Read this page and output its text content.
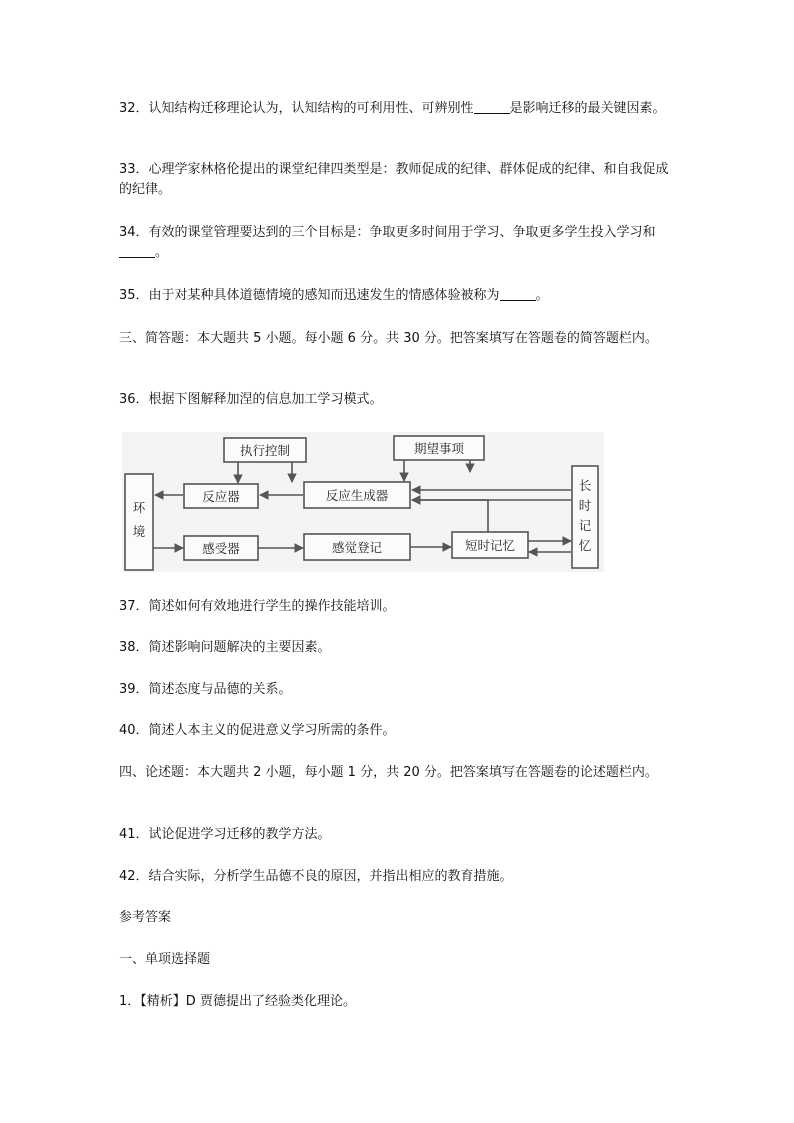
32．认知结构迁移理论认为，认知结构的可利用性、可辨别性	是影响迁移的最关键因素。

33．心理学家林格伦提出的课堂纪律四类型是：教师促成的纪律、群体促成的纪律、和自我促成的纪律。

34．有效的课堂管理要达到的三个目标是：争取更多时间用于学习、争取更多学生投入学习和。

35．由于对某种具体道德情境的感知而迅速发生的情感体验被称为	。

三、简答题：本大题共 5 小题。每小题 6 分。共 30 分。把答案填写在答题卷的简答题栏内。

36．根据下图解释加涅的信息加工学习模式。

环
境
执行控制	期望事项
反应器	反应生成器
感受器	感觉登记	短时记忆
长
时
记
忆

37．简述如何有效地进行学生的操作技能培训。

38．简述影响问题解决的主要因素。

39．简述态度与品德的关系。

40．简述人本主义的促进意义学习所需的条件。

四、论述题：本大题共 2 小题，每小题 1 分，共 20 分。把答案填写在答题卷的论述题栏内。

41．试论促进学习迁移的教学方法。

42．结合实际，分析学生品德不良的原因，并指出相应的教育措施。

参考答案

一、单项选择题

1．【精析】D 贾德提出了经验类化理论。
